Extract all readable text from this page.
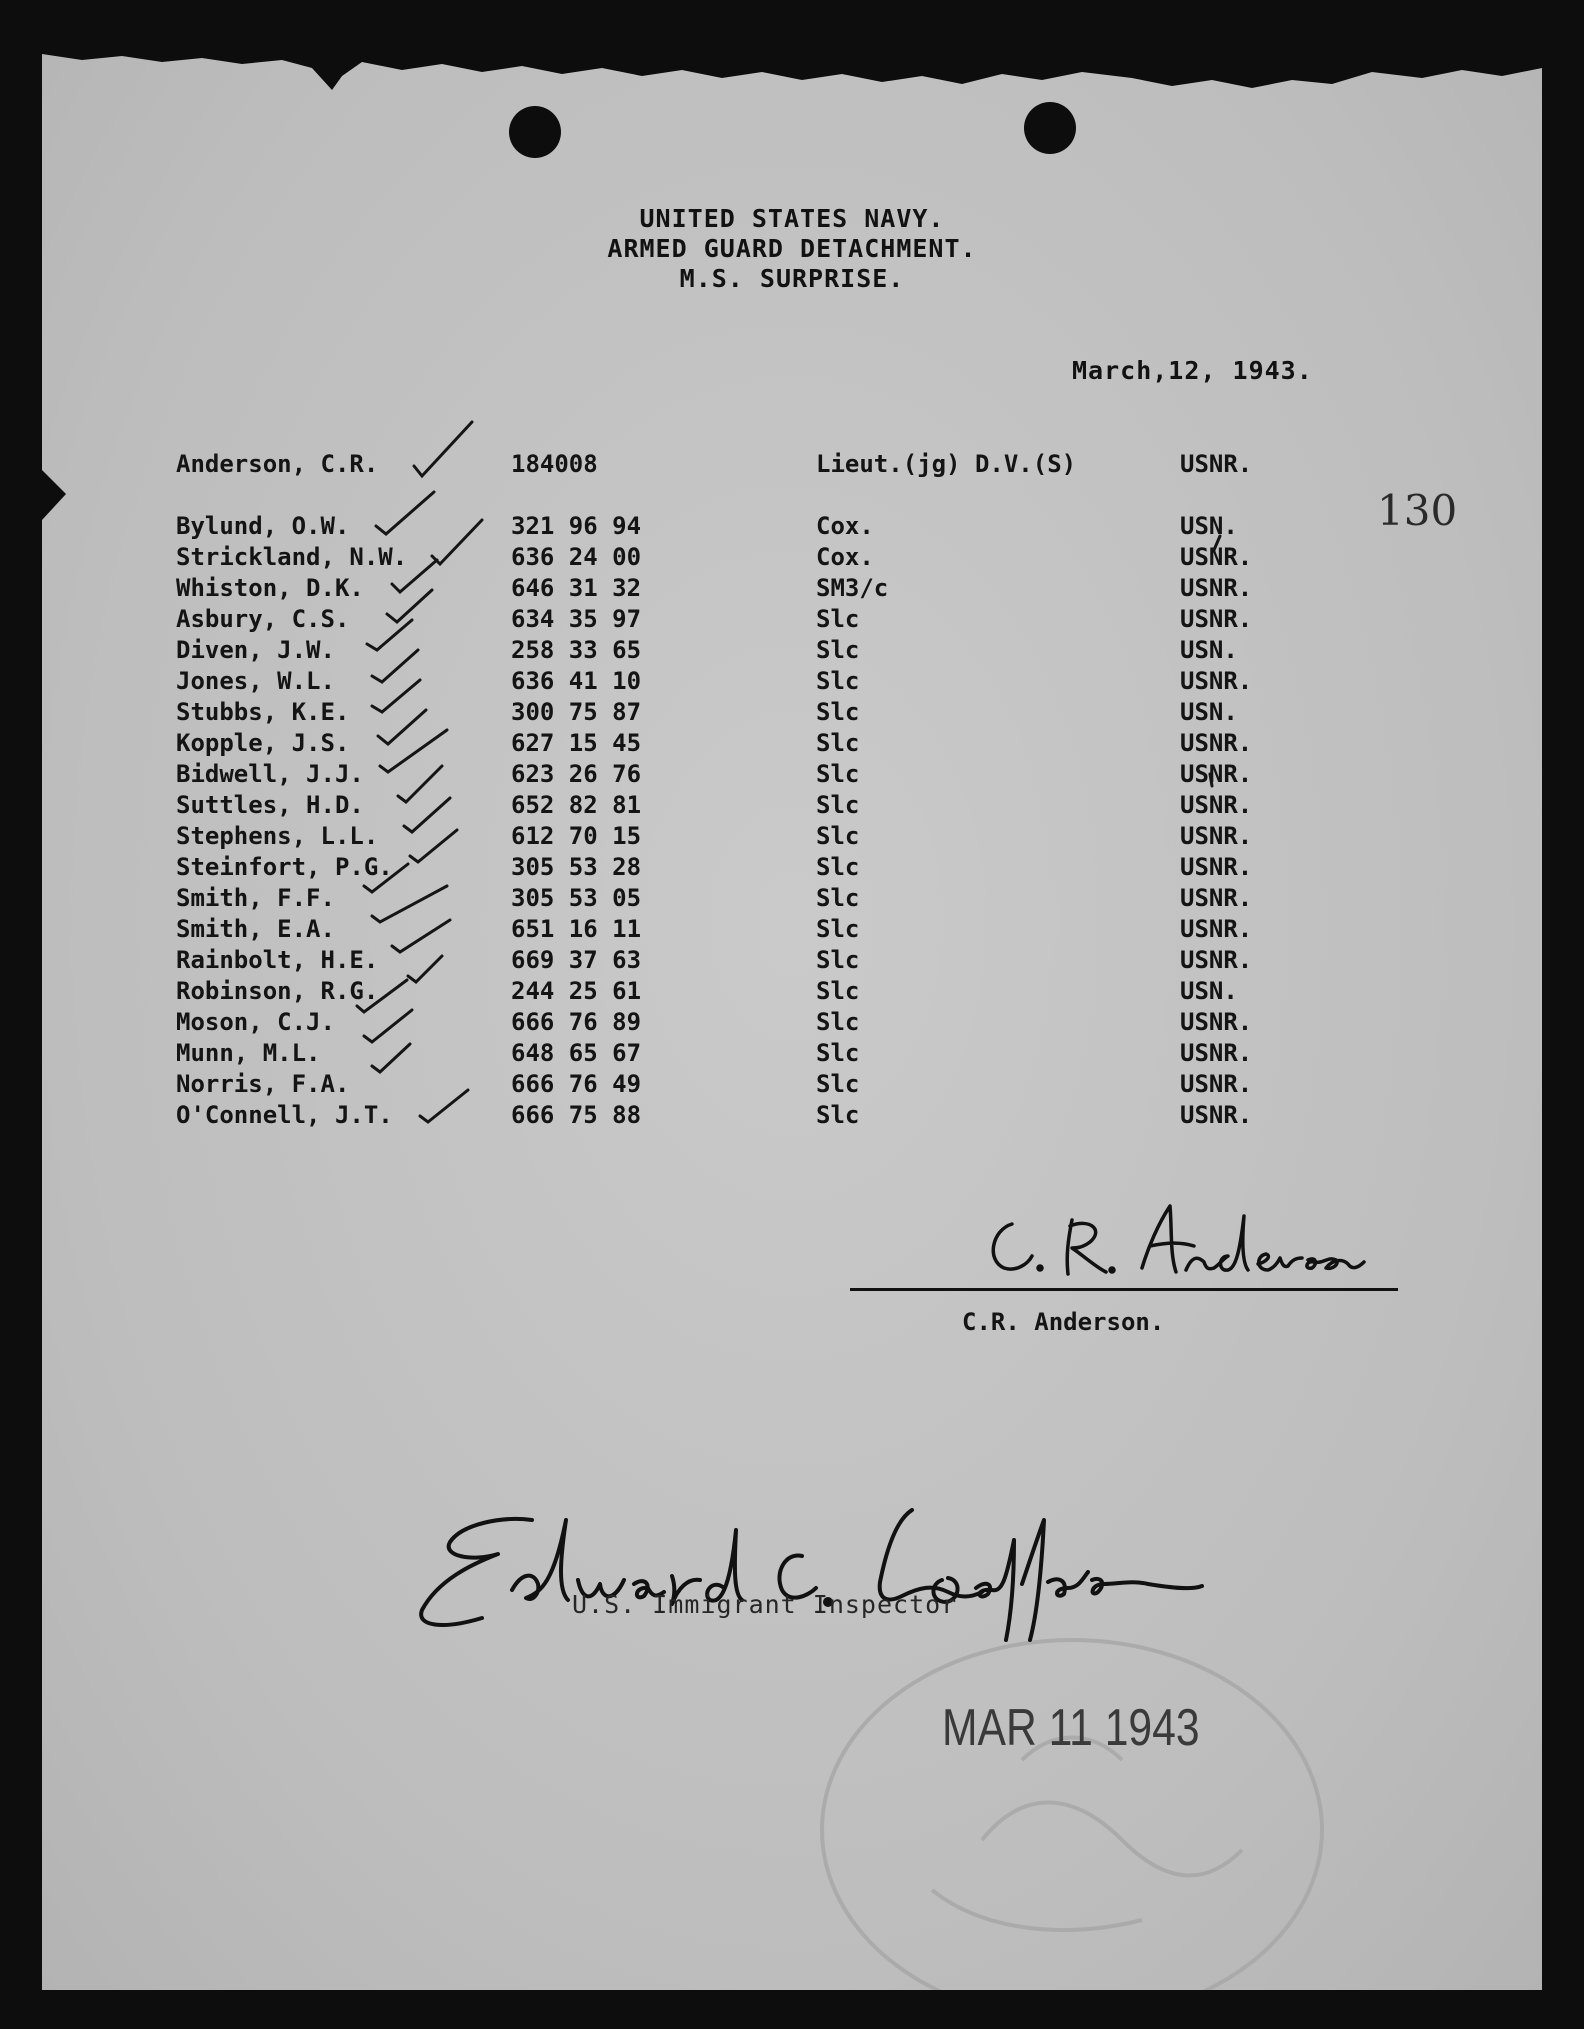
UNITED STATES NAVY.
ARMED GUARD DETACHMENT.
M.S. SURPRISE.
March,12, 1943.
130
Anderson, C.R.	184008	Lieut.(jg) D.V.(S)	USNR.
Bylund, O.W.	321 96 94	Cox.	USN.
Strickland, N.W.	636 24 00	Cox.	USNR.
Whiston, D.K.	646 31 32	SM3/c	USNR.
Asbury, C.S.	634 35 97	Slc	USNR.
Diven, J.W.	258 33 65	Slc	USN.
Jones, W.L.	636 41 10	Slc	USNR.
Stubbs, K.E.	300 75 87	Slc	USN.
Kopple, J.S.	627 15 45	Slc	USNR.
Bidwell, J.J.	623 26 76	Slc	USNR.
Suttles, H.D.	652 82 81	Slc	USNR.
Stephens, L.L.	612 70 15	Slc	USNR.
Steinfort, P.G.	305 53 28	Slc	USNR.
Smith, F.F.	305 53 05	Slc	USNR.
Smith, E.A.	651 16 11	Slc	USNR.
Rainbolt, H.E.	669 37 63	Slc	USNR.
Robinson, R.G.	244 25 61	Slc	USN.
Moson, C.J.	666 76 89	Slc	USNR.
Munn, M.L.	648 65 67	Slc	USNR.
Norris, F.A.	666 76 49	Slc	USNR.
O'Connell, J.T.	666 75 88	Slc	USNR.
C.R. Anderson.
U.S. Immigrant Inspector
MAR 11 1943
